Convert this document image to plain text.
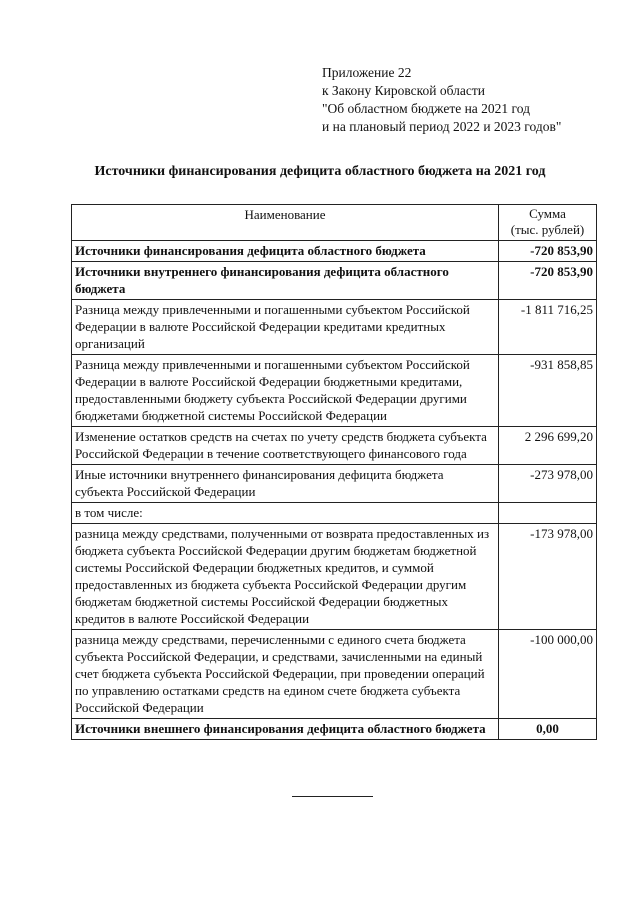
Приложение 22
к Закону Кировской области
"Об областном бюджете на 2021 год
и на плановый период 2022 и 2023 годов"
Источники финансирования дефицита областного бюджета на 2021 год
Наименование	Сумма
(тыс. рублей)
Источники финансирования дефицита областного бюджета	-720 853,90
Источники внутреннего финансирования дефицита областного бюджета	-720 853,90
Разница между привлеченными и погашенными субъектом Российской Федерации в валюте Российской Федерации кредитами кредитных организаций	-1 811 716,25
Разница между привлеченными и погашенными субъектом Российской Федерации в валюте Российской Федерации бюджетными кредитами, предоставленными бюджету субъекта Российской Федерации другими бюджетами бюджетной системы Российской Федерации	-931 858,85
Изменение остатков средств на счетах по учету средств бюджета субъекта Российской Федерации в течение соответствующего финансового года	2 296 699,20
Иные источники внутреннего финансирования дефицита бюджета субъекта Российской Федерации	-273 978,00
в том числе:	
разница между средствами, полученными от возврата предоставленных из бюджета субъекта Российской Федерации другим бюджетам бюджетной системы Российской Федерации бюджетных кредитов, и суммой предоставленных из бюджета субъекта Российской Федерации другим бюджетам бюджетной системы Российской Федерации бюджетных кредитов в валюте Российской Федерации	-173 978,00
разница между средствами, перечисленными с единого счета бюджета субъекта Российской Федерации, и средствами, зачисленными на единый счет бюджета субъекта Российской Федерации, при проведении операций по управлению остатками средств на едином счете бюджета субъекта Российской Федерации	-100 000,00
Источники внешнего финансирования дефицита областного бюджета	0,00
